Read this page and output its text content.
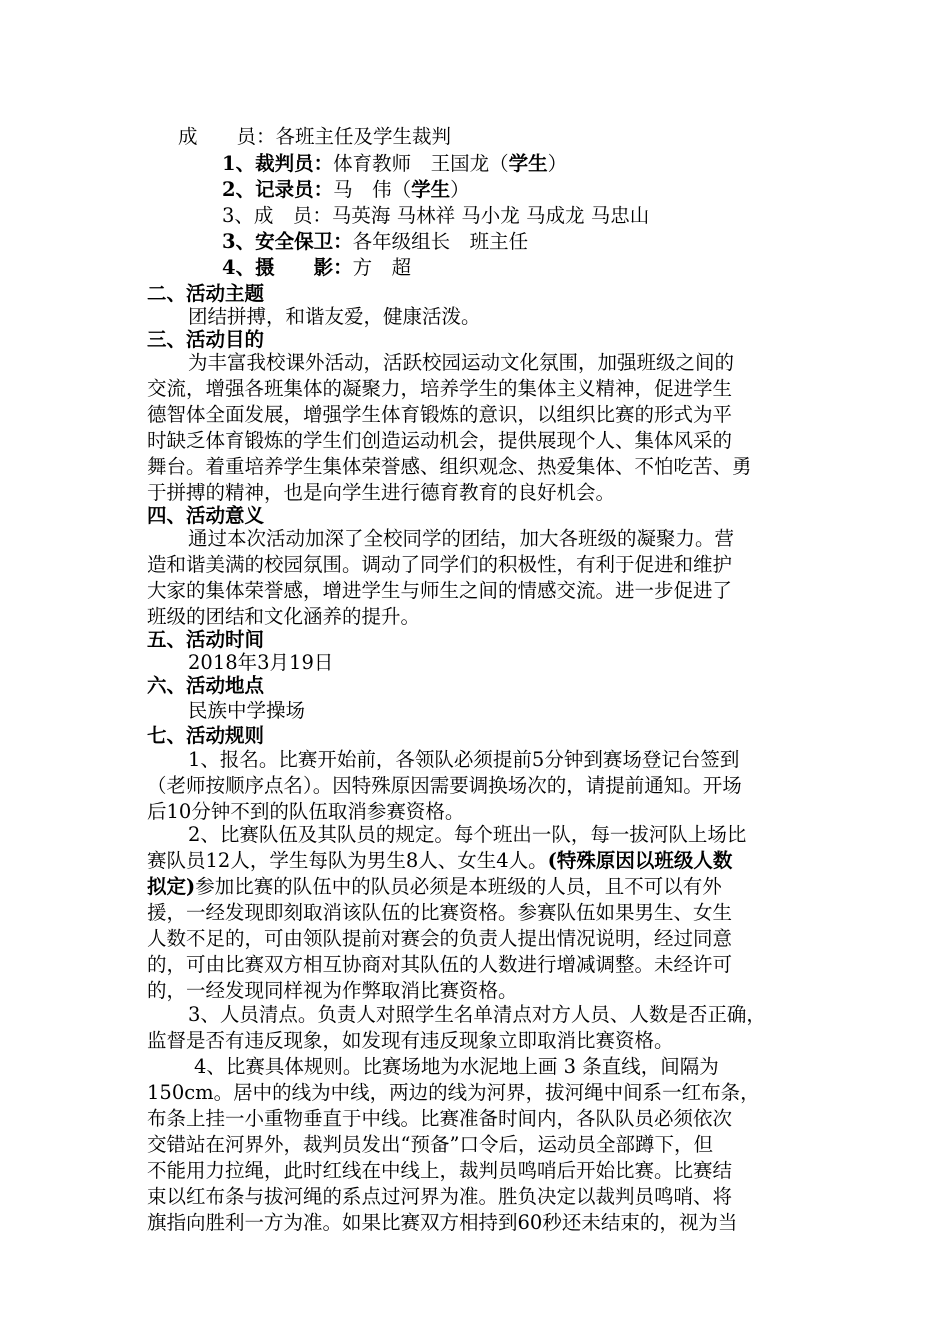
成　　员：各班主任及学生裁判
1、裁判员：体育教师　王国龙（学生）
2、记录员：马　伟（学生）
3、成　员：马英海 马林祥 马小龙 马成龙 马忠山
3、安全保卫：各年级组长　班主任
4、摄　　影：方　超
二、活动主题
团结拼搏，和谐友爱，健康活泼。
三、活动目的
为丰富我校课外活动，活跃校园运动文化氛围，加强班级之间的
交流，增强各班集体的凝聚力，培养学生的集体主义精神，促进学生
德智体全面发展，增强学生体育锻炼的意识，以组织比赛的形式为平
时缺乏体育锻炼的学生们创造运动机会，提供展现个人、集体风采的
舞台。着重培养学生集体荣誉感、组织观念、热爱集体、不怕吃苦、勇
于拼搏的精神，也是向学生进行德育教育的良好机会。
四、活动意义
通过本次活动加深了全校同学的团结，加大各班级的凝聚力。营
造和谐美满的校园氛围。调动了同学们的积极性，有利于促进和维护
大家的集体荣誉感，增进学生与师生之间的情感交流。进一步促进了
班级的团结和文化涵养的提升。
五、活动时间
2018年3月19日
六、活动地点
民族中学操场
七、活动规则
1、报名。比赛开始前，各领队必须提前5分钟到赛场登记台签到
（老师按顺序点名）。因特殊原因需要调换场次的，请提前通知。开场
后10分钟不到的队伍取消参赛资格。
2、比赛队伍及其队员的规定。每个班出一队，每一拔河队上场比
赛队员12人，学生每队为男生8人、女生4人。(特殊原因以班级人数
拟定)参加比赛的队伍中的队员必须是本班级的人员，且不可以有外
援，一经发现即刻取消该队伍的比赛资格。参赛队伍如果男生、女生
人数不足的，可由领队提前对赛会的负责人提出情况说明，经过同意
的，可由比赛双方相互协商对其队伍的人数进行增减调整。未经许可
的，一经发现同样视为作弊取消比赛资格。
3、人员清点。负责人对照学生名单清点对方人员、人数是否正确，
监督是否有违反现象，如发现有违反现象立即取消比赛资格。
4、比赛具体规则。比赛场地为水泥地上画 3 条直线，间隔为
150cm。居中的线为中线，两边的线为河界，拔河绳中间系一红布条，
布条上挂一小重物垂直于中线。比赛准备时间内，各队队员必须依次
交错站在河界外，裁判员发出“预备”口令后，运动员全部蹲下，但
不能用力拉绳，此时红线在中线上，裁判员鸣哨后开始比赛。比赛结
束以红布条与拔河绳的系点过河界为准。胜负决定以裁判员鸣哨、将
旗指向胜利一方为准。如果比赛双方相持到60秒还未结束的，视为当
